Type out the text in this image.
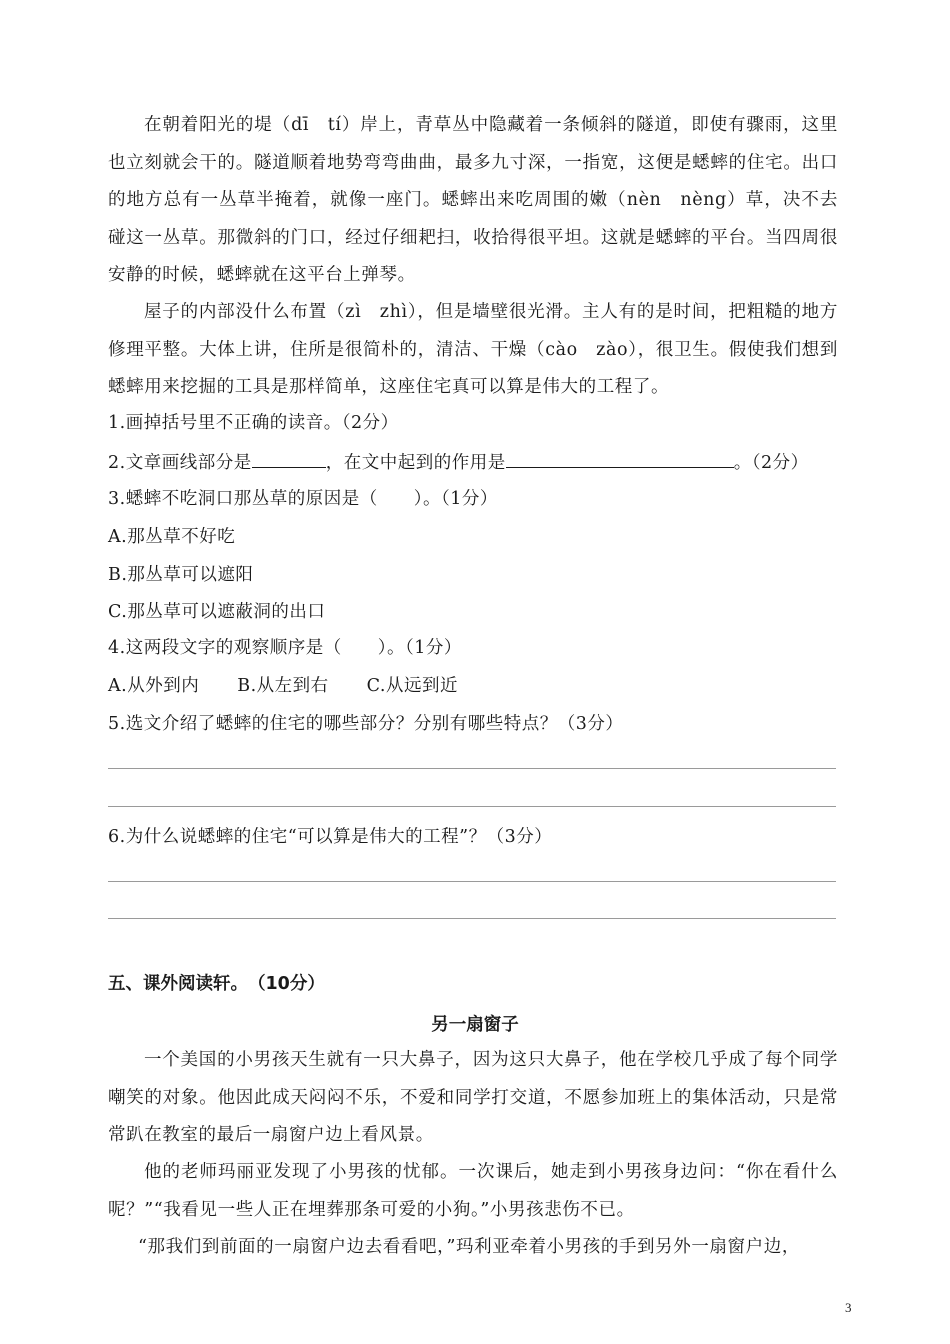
在朝着阳光的堤（dī　tí）岸上，青草丛中隐藏着一条倾斜的隧道，即使有骤雨，这里也立刻就会干的。隧道顺着地势弯弯曲曲，最多九寸深，一指宽，这便是蟋蟀的住宅。出口的地方总有一丛草半掩着，就像一座门。蟋蟀出来吃周围的嫩（nèn　nèng）草，决不去碰这一丛草。那微斜的门口，经过仔细耙扫，收拾得很平坦。这就是蟋蟀的平台。当四周很安静的时候，蟋蟀就在这平台上弹琴。

屋子的内部没什么布置（zì　zhì），但是墙壁很光滑。主人有的是时间，把粗糙的地方修理平整。大体上讲，住所是很简朴的，清洁、干燥（cào　zào），很卫生。假使我们想到蟋蟀用来挖掘的工具是那样简单，这座住宅真可以算是伟大的工程了。

1.画掉括号里不正确的读音。（2分）

2.文章画线部分是	，在文中起到的作用是	。（2分）

3.蟋蟀不吃洞口那丛草的原因是（　　）。（1分）

A.那丛草不好吃

B.那丛草可以遮阳

C.那丛草可以遮蔽洞的出口

4.这两段文字的观察顺序是（　　）。（1分）

A.从外到内 B.从左到右 C.从远到近

5.选文介绍了蟋蟀的住宅的哪些部分？分别有哪些特点？（3分）

6.为什么说蟋蟀的住宅“可以算是伟大的工程”？（3分）

五、课外阅读轩。　（10分）

另一扇窗子

一个美国的小男孩天生就有一只大鼻子，因为这只大鼻子，他在学校几乎成了每个同学嘲笑的对象。他因此成天闷闷不乐，不爱和同学打交道，不愿参加班上的集体活动，只是常常趴在教室的最后一扇窗户边上看风景。

他的老师玛丽亚发现了小男孩的忧郁。一次课后，她走到小男孩身边问：“你在看什么呢？”“我看见一些人正在埋葬那条可爱的小狗。”小男孩悲伤不已。

“那我们到前面的一扇窗户边去看看吧，”玛利亚牵着小男孩的手到另外一扇窗户边，

3
